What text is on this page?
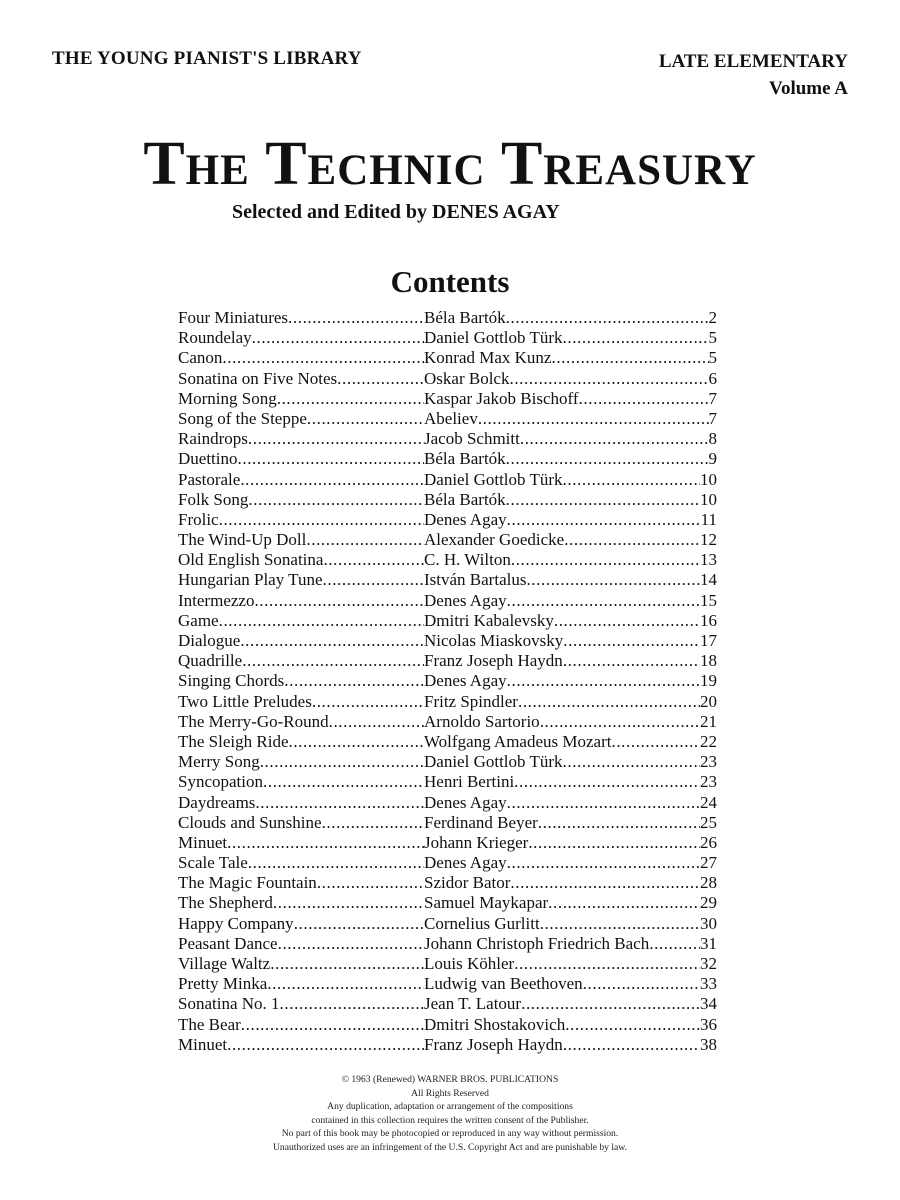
THE YOUNG PIANIST'S LIBRARY	LATE ELEMENTARY
Volume A
The Technic Treasury
Selected and Edited by DENES AGAY
Contents
Four Miniatures .....	Béla Bartók .....	2
Roundelay .....	Daniel Gottlob Türk .....	5
Canon .....	Konrad Max Kunz .....	5
Sonatina on Five Notes .....	Oskar Bolck .....	6
Morning Song .....	Kaspar Jakob Bischoff .....	7
Song of the Steppe .....	Abeliev .....	7
Raindrops .....	Jacob Schmitt .....	8
Duettino .....	Béla Bartók .....	9
Pastorale .....	Daniel Gottlob Türk .....	10
Folk Song .....	Béla Bartók .....	10
Frolic .....	Denes Agay .....	11
The Wind-Up Doll .....	Alexander Goedicke .....	12
Old English Sonatina .....	C. H. Wilton .....	13
Hungarian Play Tune .....	István Bartalus .....	14
Intermezzo .....	Denes Agay .....	15
Game .....	Dmitri Kabalevsky .....	16
Dialogue .....	Nicolas Miaskovsky .....	17
Quadrille .....	Franz Joseph Haydn .....	18
Singing Chords .....	Denes Agay .....	19
Two Little Preludes .....	Fritz Spindler .....	20
The Merry-Go-Round .....	Arnoldo Sartorio .....	21
The Sleigh Ride .....	Wolfgang Amadeus Mozart .....	22
Merry Song .....	Daniel Gottlob Türk .....	23
Syncopation .....	Henri Bertini .....	23
Daydreams .....	Denes Agay .....	24
Clouds and Sunshine .....	Ferdinand Beyer .....	25
Minuet .....	Johann Krieger .....	26
Scale Tale .....	Denes Agay .....	27
The Magic Fountain .....	Szidor Bator .....	28
The Shepherd .....	Samuel Maykapar .....	29
Happy Company .....	Cornelius Gurlitt .....	30
Peasant Dance .....	Johann Christoph Friedrich Bach .....	31
Village Waltz .....	Louis Köhler .....	32
Pretty Minka .....	Ludwig van Beethoven .....	33
Sonatina No. 1 .....	Jean T. Latour .....	34
The Bear .....	Dmitri Shostakovich .....	36
Minuet .....	Franz Joseph Haydn .....	38
© 1963 (Renewed) WARNER BROS. PUBLICATIONS
All Rights Reserved
Any duplication, adaptation or arrangement of the compositions
contained in this collection requires the written consent of the Publisher.
No part of this book may be photocopied or reproduced in any way without permission.
Unauthorized uses are an infringement of the U.S. Copyright Act and are punishable by law.
